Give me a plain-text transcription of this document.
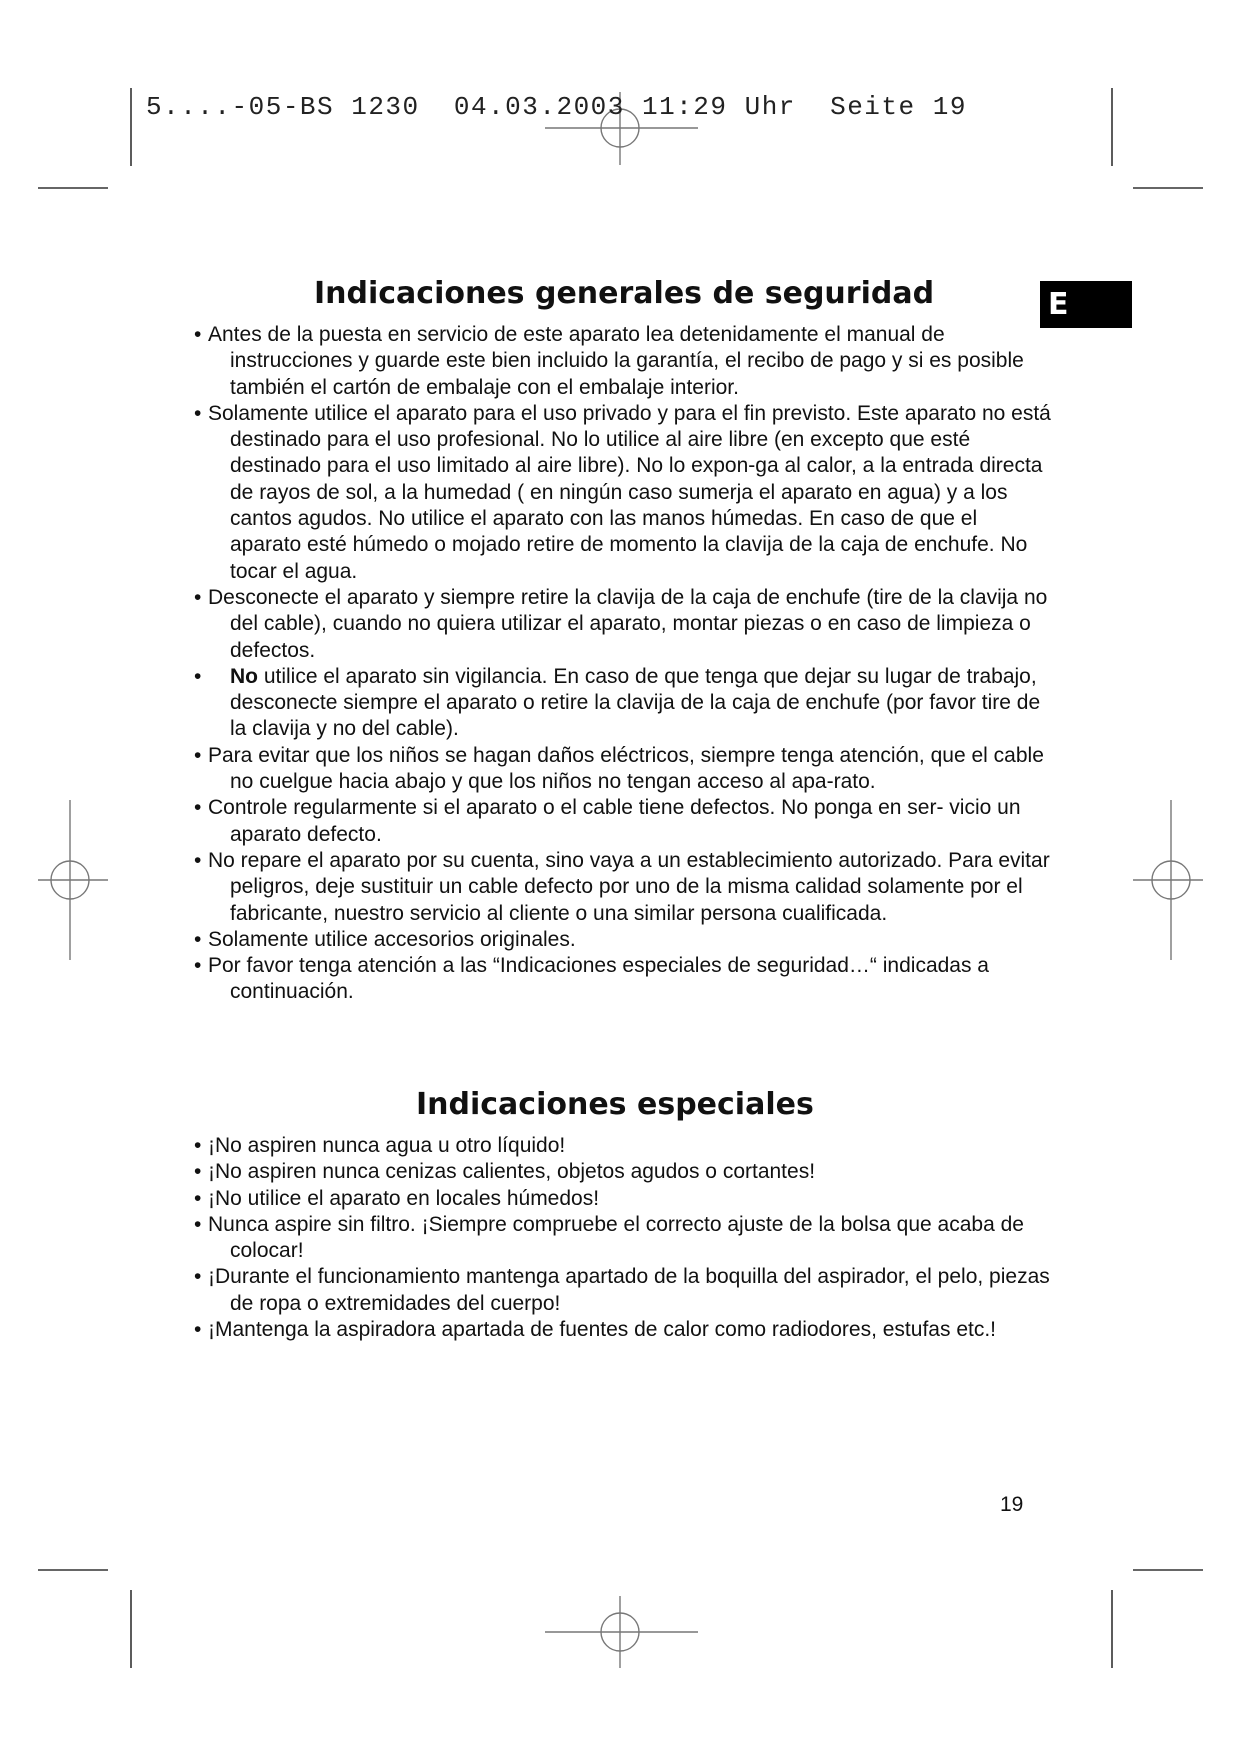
5....-05-BS 1230  04.03.2003 11:29 Uhr  Seite 19
E
Indicaciones generales de seguridad
• Antes de la puesta en servicio de este aparato lea detenidamente el manual de instrucciones y guarde este bien incluido la garantía, el recibo de pago y si es posible también el cartón de embalaje con el embalaje interior.
• Solamente utilice el aparato para el uso privado y para el fin previsto. Este aparato no está destinado para el uso profesional. No lo utilice al aire libre (en excepto que esté destinado para el uso limitado al aire libre). No lo expon-ga al calor, a la entrada directa de rayos de sol, a la humedad ( en ningún caso sumerja el aparato en agua) y a los cantos agudos. No utilice el aparato con las manos húmedas. En caso de que el aparato esté húmedo o mojado retire de momento la clavija de la caja de enchufe. No tocar el agua.
• Desconecte el aparato y siempre retire la clavija de la caja de enchufe (tire de la clavija no del cable), cuando no quiera utilizar el aparato, montar piezas o en caso de limpieza o defectos.
• No utilice el aparato sin vigilancia. En caso de que tenga que dejar su lugar de trabajo, desconecte siempre el aparato o retire la clavija de la caja de enchufe (por favor tire de la clavija y no del cable).
• Para evitar que los niños se hagan daños eléctricos, siempre tenga atención, que el cable no cuelgue hacia abajo y que los niños no tengan acceso al apa-rato.
• Controle regularmente si el aparato o el cable tiene defectos. No ponga en ser- vicio un aparato defecto.
• No repare el aparato por su cuenta, sino vaya a un establecimiento autorizado. Para evitar peligros, deje sustituir un cable defecto por uno de la misma calidad solamente por el fabricante, nuestro servicio al cliente o una similar persona cualificada.
• Solamente utilice accesorios originales.
• Por favor tenga atención a las “Indicaciones especiales de seguridad…“ indicadas a continuación.
Indicaciones especiales
• ¡No aspiren nunca agua u otro líquido!
• ¡No aspiren nunca cenizas calientes, objetos agudos o cortantes!
• ¡No utilice el aparato en locales húmedos!
• Nunca aspire sin filtro. ¡Siempre compruebe el correcto ajuste de la bolsa que acaba de colocar!
• ¡Durante el funcionamiento mantenga apartado de la boquilla del aspirador, el pelo, piezas de ropa o extremidades del cuerpo!
• ¡Mantenga la aspiradora apartada de fuentes de calor como radiodores, estufas etc.!
19
